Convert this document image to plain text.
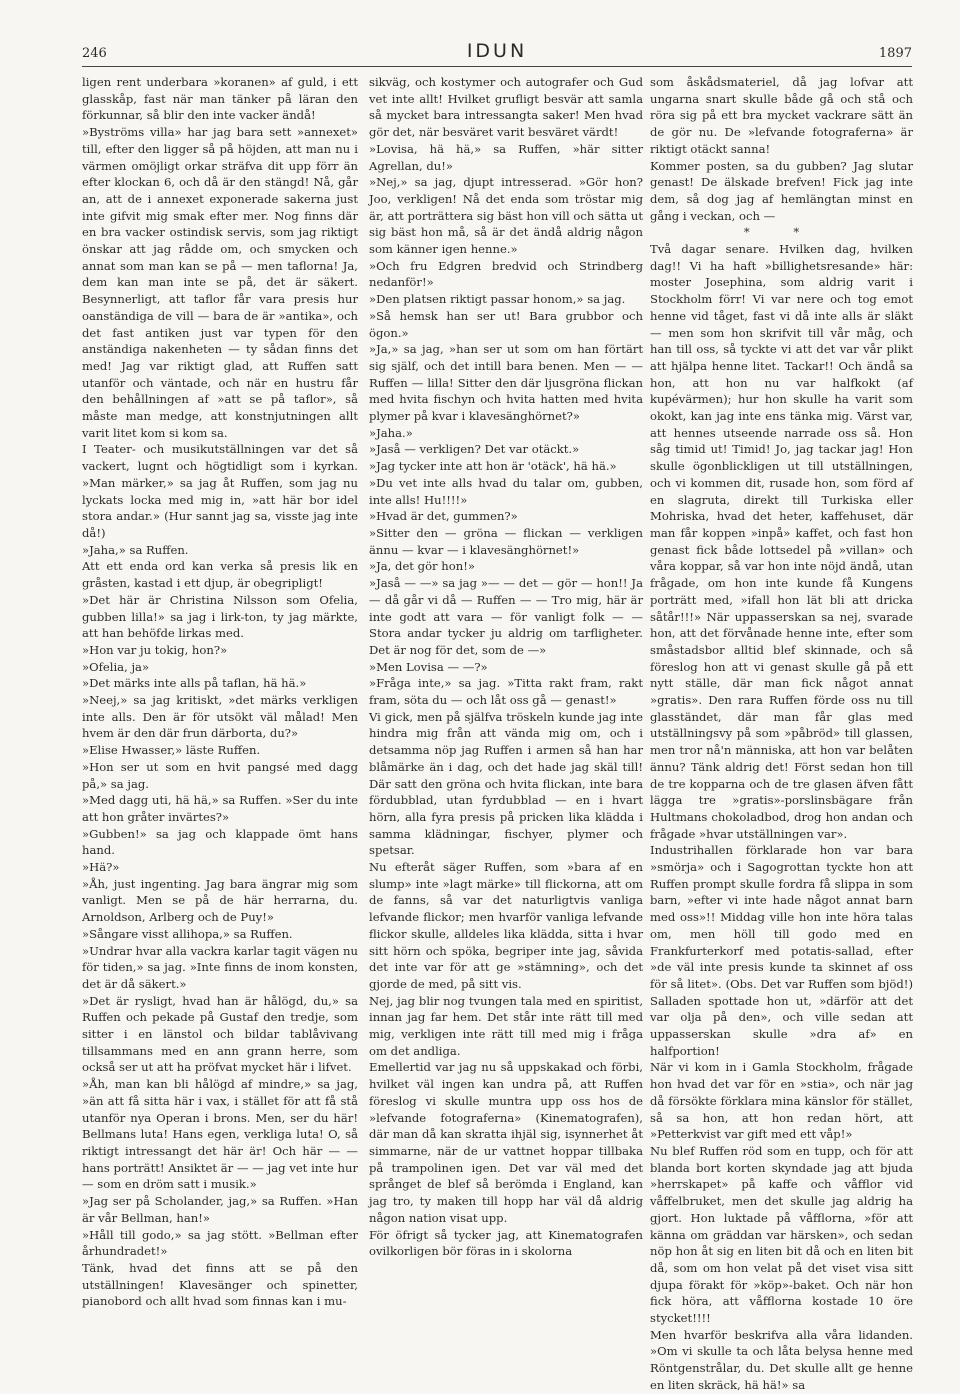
246	IDUN	1897

ligen rent underbara »koranen» af guld, i ett glasskåp, fast när man tänker på läran den förkunnar, så blir den inte vacker ändå!

»Byströms villa» har jag bara sett »annexet» till, efter den ligger så på höjden, att man nu i värmen omöjligt orkar sträfva dit upp förr än efter klockan 6, och då är den stängd! Nå, går an, att de i annexet exponerade sakerna just inte gifvit mig smak efter mer. Nog finns där en bra vacker ostindisk servis, som jag riktigt önskar att jag rådde om, och smycken och annat som man kan se på — men taflorna! Ja, dem kan man inte se på, det är säkert. Besynnerligt, att taflor får vara presis hur oanständiga de vill — bara de är »antika», och det fast antiken just var typen för den anständiga nakenheten — ty sådan finns det med! Jag var riktigt glad, att Ruffen satt utanför och väntade, och när en hustru får den behållningen af »att se på taflor», så måste man medge, att konstnjutningen allt varit litet kom si kom sa.

I Teater- och musikutställningen var det så vackert, lugnt och högtidligt som i kyrkan. »Man märker,» sa jag åt Ruffen, som jag nu lyckats locka med mig in, »att här bor idel stora andar.» (Hur sannt jag sa, visste jag inte då!)

»Jaha,» sa Ruffen.

Att ett enda ord kan verka så presis lik en gråsten, kastad i ett djup, är obegripligt!

»Det här är Christina Nilsson som Ofelia, gubben lilla!» sa jag i lirk-ton, ty jag märkte, att han behöfde lirkas med.

»Hon var ju tokig, hon?»

»Ofelia, ja»

»Det märks inte alls på taflan, hä hä.»

»Neej,» sa jag kritiskt, »det märks verkligen inte alls. Den är för utsökt väl målad! Men hvem är den där frun därborta, du?»

»Elise Hwasser,» läste Ruffen.

»Hon ser ut som en hvit pangsé med dagg på,» sa jag.

»Med dagg uti, hä hä,» sa Ruffen. »Ser du inte att hon gråter invärtes?»

»Gubben!» sa jag och klappade ömt hans hand.

»Hä?»

»Åh, just ingenting. Jag bara ängrar mig som vanligt. Men se på de här herrarna, du. Arnoldson, Arlberg och de Puy!»

»Sångare visst allihopa,» sa Ruffen.

»Undrar hvar alla vackra karlar tagit vägen nu för tiden,» sa jag. »Inte finns de inom konsten, det är då säkert.»

»Det är rysligt, hvad han är hålögd, du,» sa Ruffen och pekade på Gustaf den tredje, som sitter i en länstol och bildar tablåvivang tillsammans med en ann grann herre, som också ser ut att ha pröfvat mycket här i lifvet.

»Åh, man kan bli hålögd af mindre,» sa jag, »än att få sitta här i vax, i stället för att få stå utanför nya Operan i brons. Men, ser du här! Bellmans luta! Hans egen, verkliga luta! O, så riktigt intressangt det här är! Och här — — hans porträtt! Ansiktet är — — jag vet inte hur — som en dröm satt i musik.»

»Jag ser på Scholander, jag,» sa Ruffen. »Han är vår Bellman, han!»

»Håll till godo,» sa jag stött. »Bellman efter århundradet!»

Tänk, hvad det finns att se på den utställningen! Klavesänger och spinetter, pianobord och allt hvad som finnas kan i mu-

sikväg, och kostymer och autografer och Gud vet inte allt! Hvilket grufligt besvär att samla så mycket bara intressangta saker! Men hvad gör det, när besväret varit besväret värdt!

»Lovisa, hä hä,» sa Ruffen, »här sitter Agrellan, du!»

»Nej,» sa jag, djupt intresserad. »Gör hon? Joo, verkligen! Nå det enda som tröstar mig är, att porträttera sig bäst hon vill och sätta ut sig bäst hon må, så är det ändå aldrig någon som känner igen henne.»

»Och fru Edgren bredvid och Strindberg nedanför!»

»Den platsen riktigt passar honom,» sa jag.

»Så hemsk han ser ut! Bara grubbor och ögon.»

»Ja,» sa jag, »han ser ut som om han förtärt sig själf, och det intill bara benen. Men — — Ruffen — lilla! Sitter den där ljusgröna flickan med hvita fischyn och hvita hatten med hvita plymer på kvar i klavesänghörnet?»

»Jaha.»

»Jaså — verkligen? Det var otäckt.»

»Jag tycker inte att hon är 'otäck', hä hä.»

»Du vet inte alls hvad du talar om, gubben, inte alls! Hu!!!!»

»Hvad är det, gummen?»

»Sitter den — gröna — flickan — verkligen ännu — kvar — i klavesänghörnet!»

»Ja, det gör hon!»

»Jaså — —» sa jag »— — det — gör — hon!! Ja — då går vi då — Ruffen — — Tro mig, här är inte godt att vara — för vanligt folk — — Stora andar tycker ju aldrig om tarfligheter. Det är nog för det, som de —»

»Men Lovisa — —?»

»Fråga inte,» sa jag. »Titta rakt fram, rakt fram, söta du — och låt oss gå — genast!»

Vi gick, men på själfva tröskeln kunde jag inte hindra mig från att vända mig om, och i detsamma nöp jag Ruffen i armen så han har blåmärke än i dag, och det hade jag skäl till! Där satt den gröna och hvita flickan, inte bara fördubblad, utan fyrdubblad — en i hvart hörn, alla fyra presis på pricken lika klädda i samma klädningar, fischyer, plymer och spetsar.

Nu efteråt säger Ruffen, som »bara af en slump» inte »lagt märke» till flickorna, att om de fanns, så var det naturligtvis vanliga lefvande flickor; men hvarför vanliga lefvande flickor skulle, alldeles lika klädda, sitta i hvar sitt hörn och spöka, begriper inte jag, såvida det inte var för att ge »stämning», och det gjorde de med, på sitt vis.

Nej, jag blir nog tvungen tala med en spiritist, innan jag far hem. Det står inte rätt till med mig, verkligen inte rätt till med mig i fråga om det andliga.

Emellertid var jag nu så uppskakad och förbi, hvilket väl ingen kan undra på, att Ruffen föreslog vi skulle muntra upp oss hos de »lefvande fotograferna» (Kinematografen), där man då kan skratta ihjäl sig, isynnerhet åt simmarne, när de ur vattnet hoppar tillbaka på trampolinen igen. Det var väl med det språnget de blef så berömda i England, kan jag tro, ty maken till hopp har väl då aldrig någon nation visat upp.

För öfrigt så tycker jag, att Kinematografen ovilkorligen bör föras in i skolorna

som åskådsmateriel, då jag lofvar att ungarna snart skulle både gå och stå och röra sig på ett bra mycket vackrare sätt än de gör nu. De »lefvande fotograferna» är riktigt otäckt sanna!

Kommer posten, sa du gubben? Jag slutar genast! De älskade brefven! Fick jag inte dem, så dog jag af hemlängtan minst en gång i veckan, och —

* *

Två dagar senare. Hvilken dag, hvilken dag!! Vi ha haft »billighetsresande» här: moster Josephina, som aldrig varit i Stockholm förr! Vi var nere och tog emot henne vid tåget, fast vi då inte alls är släkt — men som hon skrifvit till vår måg, och han till oss, så tyckte vi att det var vår plikt att hjälpa henne litet. Tackar!! Och ändå sa hon, att hon nu var halfkokt (af kupévärmen); hur hon skulle ha varit som okokt, kan jag inte ens tänka mig. Värst var, att hennes utseende narrade oss så. Hon såg timid ut! Timid! Jo, jag tackar jag! Hon skulle ögonblickligen ut till utställningen, och vi kommen dit, rusade hon, som förd af en slagruta, direkt till Turkiska eller Mohriska, hvad det heter, kaffehuset, där man får koppen »inpå» kaffet, och fast hon genast fick både lottsedel på »villan» och våra koppar, så var hon inte nöjd ändå, utan frågade, om hon inte kunde få Kungens porträtt med, »ifall hon lät bli att dricka såtår!!!» När uppasserskan sa nej, svarade hon, att det förvånade henne inte, efter som småstadsbor alltid blef skinnade, och så föreslog hon att vi genast skulle gå på ett nytt ställe, där man fick något annat »gratis». Den rara Ruffen förde oss nu till glasständet, där man får glas med utställningsvy på som »påbröd» till glassen, men tror nå'n människa, att hon var belåten ännu? Tänk aldrig det! Först sedan hon till de tre kopparna och de tre glasen äfven fått lägga tre »gratis»-porslinsbägare från Hultmans chokoladbod, drog hon andan och frågade »hvar utställningen var».

Industrihallen förklarade hon var bara »smörja» och i Sagogrottan tyckte hon att Ruffen prompt skulle fordra få slippa in som barn, »efter vi inte hade något annat barn med oss»!! Middag ville hon inte höra talas om, men höll till godo med en Frankfurterkorf med potatis-sallad, efter »de väl inte presis kunde ta skinnet af oss för så litet». (Obs. Det var Ruffen som bjöd!) Salladen spottade hon ut, »därför att det var olja på den», och ville sedan att uppasserskan skulle »dra af» en halfportion!

När vi kom in i Gamla Stockholm, frågade hon hvad det var för en »stia», och när jag då försökte förklara mina känslor för stället, så sa hon, att hon redan hört, att »Petterkvist var gift med ett våp!»

Nu blef Ruffen röd som en tupp, och för att blanda bort korten skyndade jag att bjuda »herrskapet» på kaffe och våfflor vid våffelbruket, men det skulle jag aldrig ha gjort. Hon luktade på våfflorna, »för att känna om gräddan var härsken», och sedan nöp hon åt sig en liten bit då och en liten bit då, som om hon velat på det viset visa sitt djupa förakt för »köp»-baket. Och när hon fick höra, att våfflorna kostade 10 öre stycket!!!!

Men hvarför beskrifva alla våra lidanden. »Om vi skulle ta och låta belysa henne med Röntgenstrålar, du. Det skulle allt ge henne en liten skräck, hä hä!» sa
